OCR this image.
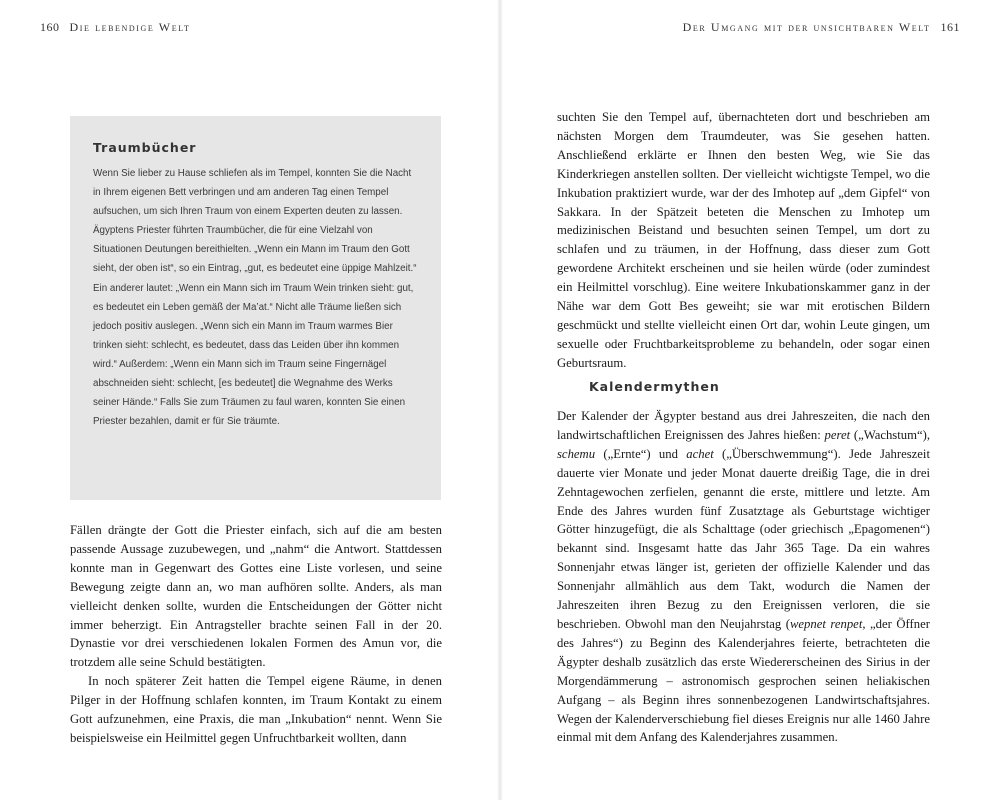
160 Die lebendige Welt
Traumbücher

Wenn Sie lieber zu Hause schliefen als im Tempel, konnten Sie die Nacht in Ihrem eigenen Bett verbringen und am anderen Tag einen Tempel aufsuchen, um sich Ihren Traum von einem Experten deuten zu lassen. Ägyptens Priester führten Traumbücher, die für eine Vielzahl von Situationen Deutungen bereithielten. „Wenn ein Mann im Traum den Gott sieht, der oben ist“, so ein Eintrag, „gut, es bedeutet eine üppige Mahlzeit.“ Ein anderer lautet: „Wenn ein Mann sich im Traum Wein trinken sieht: gut, es bedeutet ein Leben gemäß der Ma’at.“ Nicht alle Träume ließen sich jedoch positiv auslegen. „Wenn sich ein Mann im Traum warmes Bier trinken sieht: schlecht, es bedeutet, dass das Leiden über ihn kommen wird.“ Außerdem: „Wenn ein Mann sich im Traum seine Fingernägel abschneiden sieht: schlecht, [es bedeutet] die Wegnahme des Werks seiner Hände.“ Falls Sie zum Träumen zu faul waren, konnten Sie einen Priester bezahlen, damit er für Sie träumte.

Fällen drängte der Gott die Priester einfach, sich auf die am besten passende Aussage zuzubewegen, und „nahm“ die Antwort. Stattdessen konnte man in Gegenwart des Gottes eine Liste vorlesen, und seine Bewegung zeigte dann an, wo man aufhören sollte. Anders, als man vielleicht denken sollte, wurden die Entscheidungen der Götter nicht immer beherzigt. Ein Antragsteller brachte seinen Fall in der 20. Dynastie vor drei verschiedenen lokalen Formen des Amun vor, die trotzdem alle seine Schuld bestätigten.

In noch späterer Zeit hatten die Tempel eigene Räume, in denen Pilger in der Hoffnung schlafen konnten, im Traum Kontakt zu einem Gott aufzunehmen, eine Praxis, die man „Inkubation“ nennt. Wenn Sie beispielsweise ein Heilmittel gegen Unfruchtbarkeit wollten, dann

Der Umgang mit der unsichtbaren Welt 161

suchten Sie den Tempel auf, übernachteten dort und beschrieben am nächsten Morgen dem Traumdeuter, was Sie gesehen hatten. Anschließend erklärte er Ihnen den besten Weg, wie Sie das Kinderkriegen anstellen sollten. Der vielleicht wichtigste Tempel, wo die Inkubation praktiziert wurde, war der des Imhotep auf „dem Gipfel“ von Sakkara. In der Spätzeit beteten die Menschen zu Imhotep um medizinischen Beistand und besuchten seinen Tempel, um dort zu schlafen und zu träumen, in der Hoffnung, dass dieser zum Gott gewordene Architekt erscheinen und sie heilen würde (oder zumindest ein Heilmittel vorschlug). Eine weitere Inkubationskammer ganz in der Nähe war dem Gott Bes geweiht; sie war mit erotischen Bildern geschmückt und stellte vielleicht einen Ort dar, wohin Leute gingen, um sexuelle oder Fruchtbarkeitsprobleme zu behandeln, oder sogar einen Geburtsraum.

Kalendermythen

Der Kalender der Ägypter bestand aus drei Jahreszeiten, die nach den landwirtschaftlichen Ereignissen des Jahres hießen: peret („Wachstum“), schemu („Ernte“) und achet („Überschwemmung“). Jede Jahreszeit dauerte vier Monate und jeder Monat dauerte dreißig Tage, die in drei Zehntagewochen zerfielen, genannt die erste, mittlere und letzte. Am Ende des Jahres wurden fünf Zusatztage als Geburtstage wichtiger Götter hinzugefügt, die als Schalttage (oder griechisch „Epagomenen“) bekannt sind. Insgesamt hatte das Jahr 365 Tage. Da ein wahres Sonnenjahr etwas länger ist, gerieten der offizielle Kalender und das Sonnenjahr allmählich aus dem Takt, wodurch die Namen der Jahreszeiten ihren Bezug zu den Ereignissen verloren, die sie beschrieben. Obwohl man den Neujahrstag (wepnet renpet, „der Öffner des Jahres“) zu Beginn des Kalenderjahres feierte, betrachteten die Ägypter deshalb zusätzlich das erste Wiedererscheinen des Sirius in der Morgendämmerung – astronomisch gesprochen seinen heliakischen Aufgang – als Beginn ihres sonnenbezogenen Landwirtschaftsjahres. Wegen der Kalenderverschiebung fiel dieses Ereignis nur alle 1460 Jahre einmal mit dem Anfang des Kalenderjahres zusammen.
